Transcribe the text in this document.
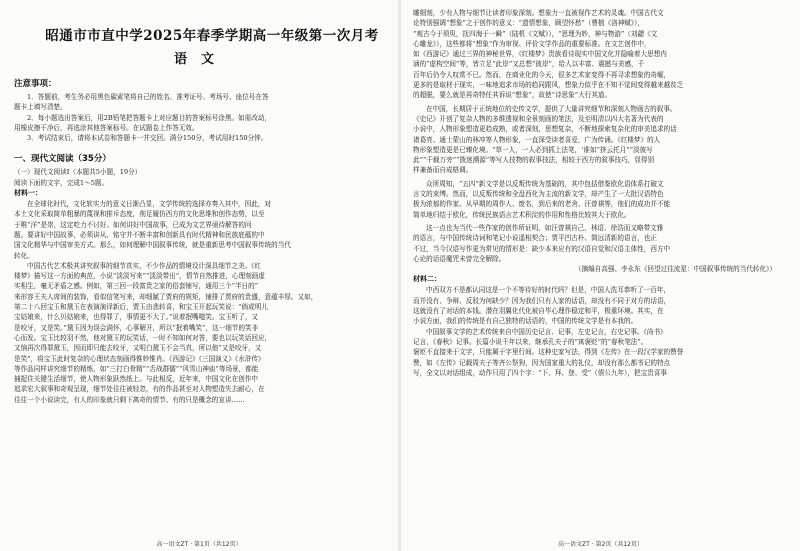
昭通市市直中学2025年春季学期高一年级第一次月考
语文
注意事项：
1．答题前，考生务必用黑色碳素笔将自己的姓名、准考证号、考场号、座位号在答
题卡上填写清楚。
2．每小题选出答案后，用2B铅笔把答题卡上对应题目的答案标号涂黑。如需改动，
用橡皮擦干净后，再选涂其他答案标号。在试题卷上作答无效。
3．考试结束后，请将本试卷和答题卡一并交回。满分150分，考试用时150分钟。
一、现代文阅读（35分）
（一）现代文阅读Ⅰ（本题共5小题，19分）
阅读下面的文字，完成1～5题。
材料一：
在全球化时代，文化软实力的意义日渐凸显，文学传统的选择亦奏入其中，因此，对
本土文化采取简单粗暴的蔑视和排斥态度，削足履仿西方的文化思维和创作态势，以至
于唯“洋”是崇，这定吃力不讨好。如何讲好中国故事，已成为文艺界亟待解答的问
题。要讲好中国故事，必须讲从、铭守并不断丰富和创新具有时代精神和民族底蕴的中
国文化精华与中国审美方式。那么，如何理解中国叙事传统，就是重新思考中国叙事传统的当代
转化。
中国古代艺术极其讲究叙事的细节真实，不少作品的情境设计深具细节之美。《红
楼梦》描写这一方面的典范，小说“淡淡写来”“淡淡带出”，情节自然推进，心理刻画虚
实相生，毫无矛盾之感。例如，第三回一段富贵之家的俗套铺写，通用三个“半日的”
来形容王夫人席间的装饰，看似信笔写来，却细腻了贾府的规矩，铺排了贾府的贵盛，意蕴丰厚。又如，
第二十八回宝玉和黛玉在表演演译新后，贾玉由悲转喜，和宝玉开起玩笑说：“倘或明儿
宝姑娘来，什么贝姑娘来，也得罪了，事情更不大了。”说着抿嘴嗤笑。宝玉听了，又
是咬牙，又是笑。”黛玉因为误会满怀，心事解开，所以“抿着嘴笑”，这一细节的笑非
心而发。宝玉比较羽不然，他对黛玉的玩笑话，一时不知如何对答，要也以玩笑话回应，
又恼再次得罪黛玉，因而即只能去咬牙，又明白黛玉不会当真，所以他“又是咬牙，又
是笑”，将宝玉此时复杂的心理状态刻画得惟妙惟肖。《西游记》《三国演义》《水浒传》
等作品同样讲究细节的精炼，如“三打白骨精”“舌战群儒”“风雪山神庙”等场景，都能
捕捉住关键生活细节，使人物形象跃然纸上。与此相反，近年来，中国文化在创作中
追求宏大叙事和奇观呈现，细节处往往被轻忽，有的作品甚至对人物塑造失去耐心，在
往往一个小说读完，有人的印象就只剩下离奇的情节、有的只是概念的宣讲……
高一语文ZT · 第1页（共12页）
雕细刻，少有人物与细节让读者印象深刻。想象力一直被视作艺术的灵魂。中国古代文
论特别强调“想象”之于创作的意义：“遗情想象，顾望怀愁”（曹植《洛神赋》），
“观古今于须臾，抚四海于一瞬”（陆机《文赋》），“思理为妙，神与物游”（刘勰《文
心雕龙》），这些都将“想象”作为审视、评价文学作品的重要标准。在文艺创作中，
如《西游记》通过三界的神秘世界，《红楼梦》贵族看待现实中国文化并隐喻着大思想内
涵的“虚构空间”等，皆立足“此岸”又总想“彼岸”，给人以丰富、震撼与美感，千
百年后仍令人叹赏不已。然而，在商业化的今天，很多艺术家变得不再寻求想象的奇崛，
更多的是取材于现实，一味地追求市场的趋同跟风，想象力似乎在不知不觉间变得越来越贫乏
的超脱，要么就是再奇特任其诉说“想象”，故使“诗思象”大行其道。
在中国，长期居于正统地位的史传文学，提供了大量讲究细节和深刻人物画古的叙事。
《史记》开创了复杂人物的多维透视和全景刻画的笔法，及至明清以四大名著为代表的
小说中，人物形象塑造更趋成熟，或者深刻，思想复杂，不断地探索复杂化的审美追求的话
诸葛亮、通士蒙山的林冲等人物形象，一直深受读者喜爱，广为传诵。《红楼梦》的人
物形象塑造更是已臻化境。“草一人，一人必到抓上法笔，‘谁如“挤云托月”“淡彼写
此”“千载万旁”“拨迷溯源”等写人技物的叙事技法，相较于西方的叙事技巧，显得别
样兼备而自成格调。
众所周知，“五四”新文学是以反叛传统为基础的，其中包括借鉴欧化语体系打破文
言文的束缚。然而，以反叛传统和全盘西化为主流的新文学，却产生了一大批汉语特色
极为浓郁的作家。从早期的周作人、废名，到后来的老舍、汪曾祺等，他们的成功并不能
简单地归结于欧化，传统民族语言艺术积淀的作用和性格比较其大于欧化。
这一点也为当代一些作家的创作所证明，如汪曾祺自己、林语、徐浩而又略带文雅
的语言，与中国传统诗词和笔记小说遥相契合；贾平凹古朴、简远清新的语言，也正
不过，当今汉语写作更为常见的情形是：缺少本来应有的汉语自觉和汉语主体性，西方中
心论的话语魔咒未曾完全解除。
（摘编自高强、李永东《回望过往流星：中国叙事传统的当代转化》）
材料二：
中西双方不是都认同这是一个不等待好的时代吗？但是，中国人洗耳恭听了一百年，
而并没有、争辩、反驳为何缺少？因为我们只有人家的话语，却没有不同于对方的话语，
这就没有了对话的本钱。潜在羽翼化代化被自毕心理作稳定和平，极重环境。其实，在
小说方面，我们的传统是有自己独特的话语的，中国的传统文学是有本我的。
中国叙事文学的艺术传统来自中国历史记言、记事，左史记言，右史记事。《尚书》
记言，《春秋》记事。长篇小说千年以来，继承孔夫子的“寓褒贬”的“春秋笔法”。
褒贬不直接来于文字，只能属于字里行间。这种史家写法，得到《左传》在一段汉学家的赞誉
赞，如《左传》记载周夫子等齐公祭狗，因为国家重大的礼仪，却没有那么都书记的特点
写，全文以对话组成，动作只用了四个字：“下、拜、登、受”（僖公九年），把宝贵喜事
高一语文ZT · 第2页（共12页）
